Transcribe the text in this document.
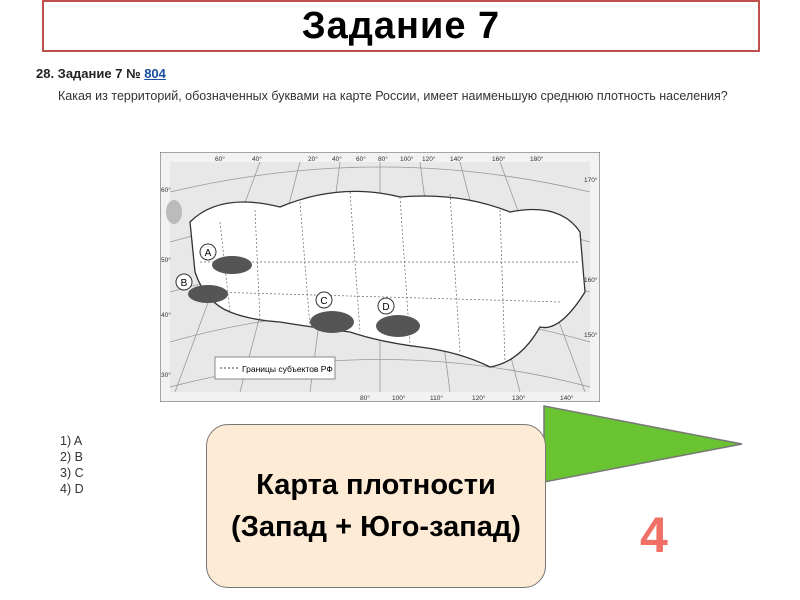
Задание 7
28. Задание 7 № 804
Какая из территорий, обозначенных буквами на карте России, имеет наименьшую среднюю плотность населения?
A
B
C
D
Границы субъектов РФ
60°	40°	20° 40° 60° 80° 100° 120° 140°	160°	180°
80°	100°	110°	120°	130°	140°
60°
50°
40°
30°
170°
160°
150°
1) A
2) B
3) C
4) D	Карта плотности (Запад + Юго-запад)	4
